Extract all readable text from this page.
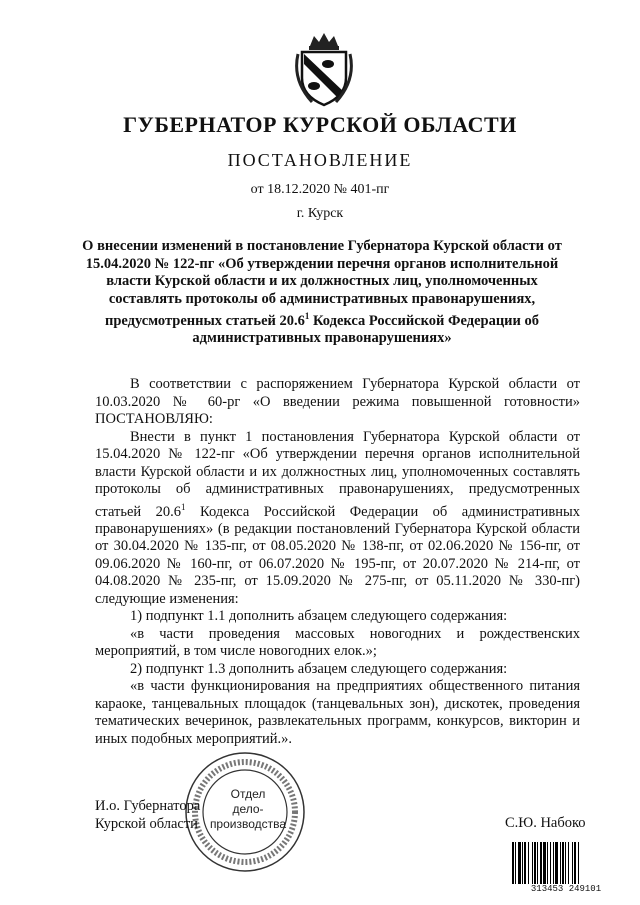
ГУБЕРНАТОР КУРСКОЙ ОБЛАСТИ
ПОСТАНОВЛЕНИЕ
от 18.12.2020 № 401-пг
г. Курск
О внесении изменений в постановление Губернатора Курской области от 15.04.2020 № 122-пг «Об утверждении перечня органов исполнительной власти Курской области и их должностных лиц, уполномоченных составлять протоколы об административных правонарушениях, предусмотренных статьей 20.6$^1$ Кодекса Российской Федерации об административных правонарушениях»

В соответствии с распоряжением Губернатора Курской области от 10.03.2020 № 60-рг «О введении режима повышенной готовности» ПОСТАНОВЛЯЮ:

Внести в пункт 1 постановления Губернатора Курской области от 15.04.2020 № 122-пг «Об утверждении перечня органов исполнительной власти Курской области и их должностных лиц, уполномоченных составлять протоколы об административных правонарушениях, предусмотренных статьей 20.6$^1$ Кодекса Российской Федерации об административных правонарушениях» (в редакции постановлений Губернатора Курской области от 30.04.2020 № 135-пг, от 08.05.2020 № 138-пг, от 02.06.2020 № 156-пг, от 09.06.2020 № 160-пг, от 06.07.2020 № 195-пг, от 20.07.2020 № 214-пг, от 04.08.2020 № 235-пг, от 15.09.2020 № 275-пг, от 05.11.2020 № 330-пг) следующие изменения:

1) подпункт 1.1 дополнить абзацем следующего содержания:

«в части проведения массовых новогодних и рождественских мероприятий, в том числе новогодних елок.»;

2) подпункт 1.3 дополнить абзацем следующего содержания:

«в части функционирования на предприятиях общественного питания караоке, танцевальных площадок (танцевальных зон), дискотек, проведения тематических вечеринок, развлекательных программ, конкурсов, викторин и иных подобных мероприятий.».

Отдел
дело-
производства
И.о. Губернатора
Курской области	С.Ю. Набоко
313453 249101
